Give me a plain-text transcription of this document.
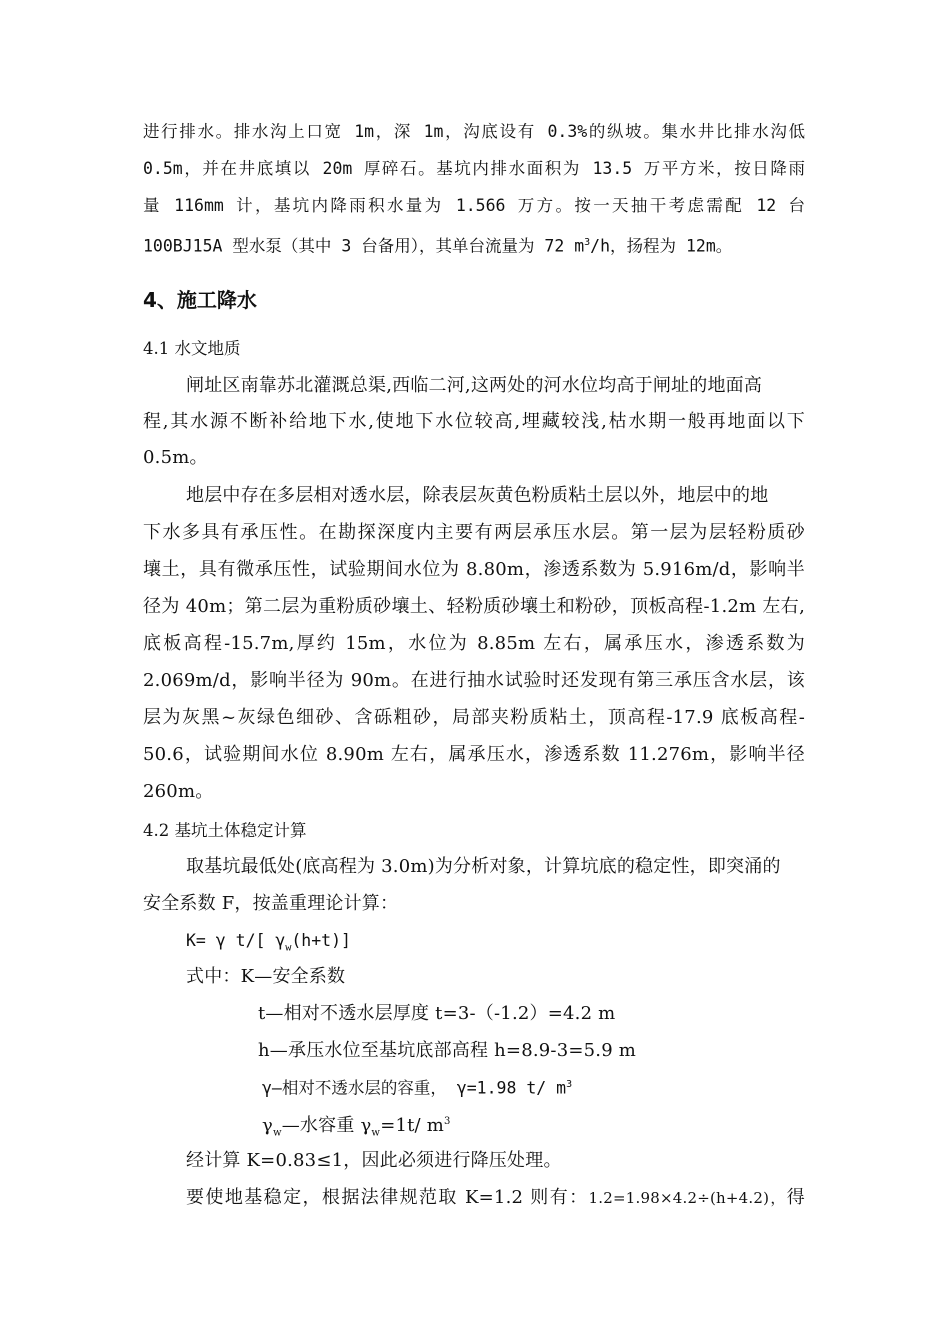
进行排水。排水沟上口宽 1m，深 1m，沟底设有 0.3%的纵坡。集水井比排水沟低
0.5m，并在井底填以 20m 厚碎石。基坑内排水面积为 13.5 万平方米，按日降雨
量 116mm 计，基坑内降雨积水量为 1.566 万方。按一天抽干考虑需配 12 台
100BJ15A 型水泵（其中 3 台备用），其单台流量为 72 $m^3/h$，扬程为 12m。
4、施工降水
4.1 水文地质
闸址区南靠苏北灌溉总渠,西临二河,这两处的河水位均高于闸址的地面高
程,其水源不断补给地下水,使地下水位较高,埋藏较浅,枯水期一般再地面以下
0.5m。
地层中存在多层相对透水层，除表层灰黄色粉质粘土层以外，地层中的地
下水多具有承压性。在勘探深度内主要有两层承压水层。第一层为层轻粉质砂
壤土，具有微承压性，试验期间水位为 8.80m，渗透系数为 5.916m/d，影响半
径为 40m；第二层为重粉质砂壤土、轻粉质砂壤土和粉砂，顶板高程-1.2m 左右,
底板高程-15.7m,厚约 15m，水位为 8.85m 左右，属承压水，渗透系数为
2.069m/d，影响半径为 90m。在进行抽水试验时还发现有第三承压含水层，该
层为灰黑~灰绿色细砂、含砾粗砂，局部夹粉质粘土，顶高程-17.9 底板高程-
50.6，试验期间水位 8.90m 左右，属承压水，渗透系数 11.276m，影响半径
260m。
4.2 基坑土体稳定计算
取基坑最低处(底高程为 3.0m)为分析对象，计算坑底的稳定性，即突涌的
安全系数 F，按盖重理论计算：
K= γ t/[ $\gamma_w(h+t)$]
式中：K—安全系数
t—相对不透水层厚度 t=3-（-1.2）=4.2 m
h—承压水位至基坑底部高程 h=8.9-3=5.9 m
γ—相对不透水层的容重， γ=1.98 t/ $m^3$
$\gamma_w—$水容重 $\gamma_w=1t/$ $m^3$
经计算 K=0.83≤1，因此必须进行降压处理。
要使地基稳定，根据法律规范取 K=1.2 则有：1.2=1.98×4.2÷(h+4.2)，得
